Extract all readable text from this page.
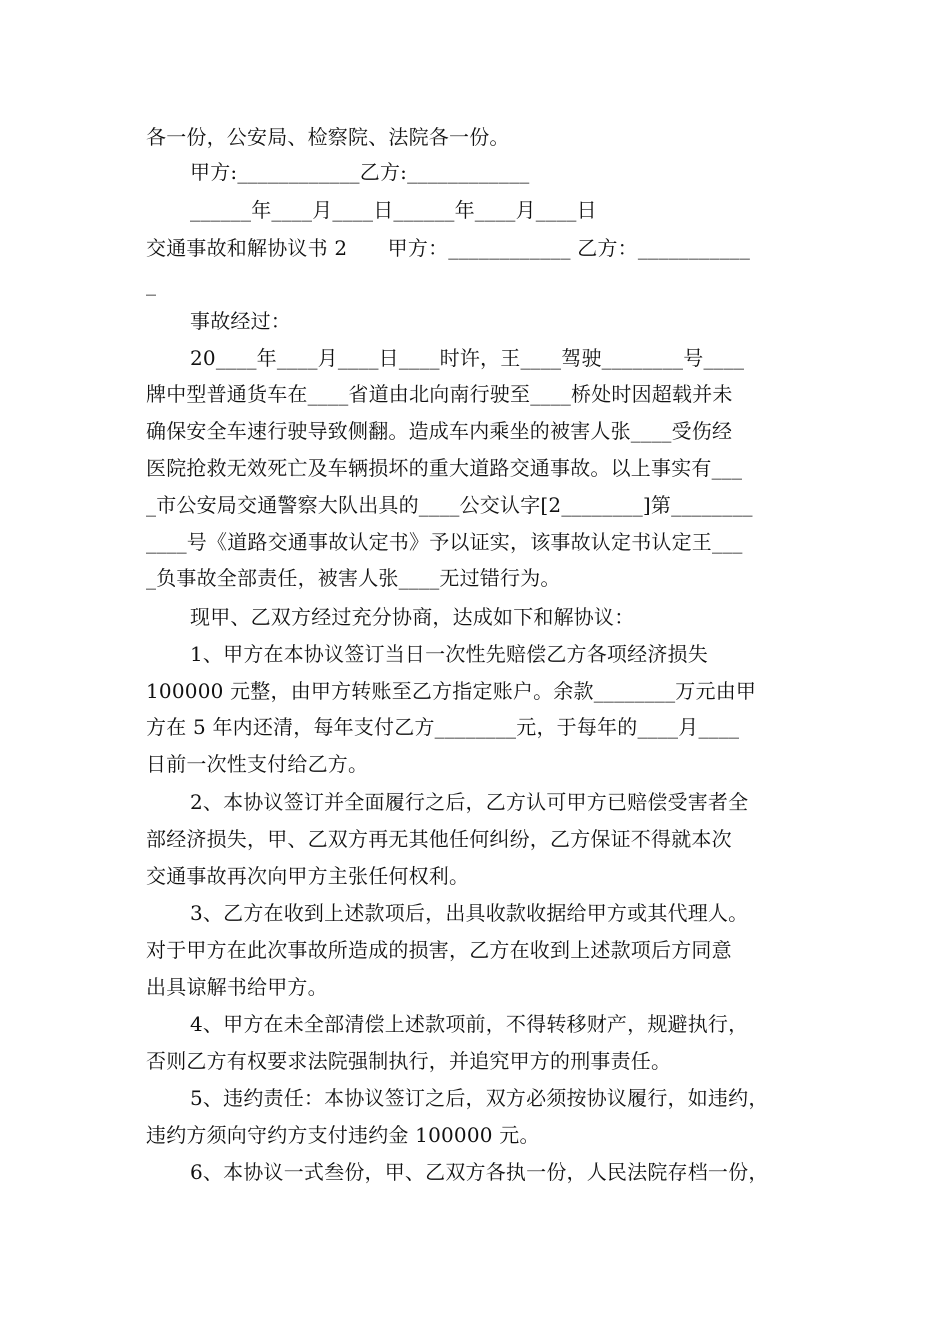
各一份，公安局、检察院、法院各一份。
甲方:____________乙方:____________
______年____月____日______年____月____日
交通事故和解协议书 2　　甲方：____________ 乙方：___________
_
事故经过：
20____年____月____日____时许，王____驾驶________号____
牌中型普通货车在____省道由北向南行驶至____桥处时因超载并未
确保安全车速行驶导致侧翻。造成车内乘坐的被害人张____受伤经
医院抢救无效死亡及车辆损坏的重大道路交通事故。以上事实有___
_市公安局交通警察大队出具的____公交认字[2________]第________
____号《道路交通事故认定书》予以证实，该事故认定书认定王___
_负事故全部责任，被害人张____无过错行为。
现甲、乙双方经过充分协商，达成如下和解协议：
1、甲方在本协议签订当日一次性先赔偿乙方各项经济损失
100000 元整，由甲方转账至乙方指定账户。余款________万元由甲
方在 5 年内还清，每年支付乙方________元，于每年的____月____
日前一次性支付给乙方。
2、本协议签订并全面履行之后，乙方认可甲方已赔偿受害者全
部经济损失，甲、乙双方再无其他任何纠纷，乙方保证不得就本次
交通事故再次向甲方主张任何权利。
3、乙方在收到上述款项后，出具收款收据给甲方或其代理人。
对于甲方在此次事故所造成的损害，乙方在收到上述款项后方同意
出具谅解书给甲方。
4、甲方在未全部清偿上述款项前，不得转移财产，规避执行，
否则乙方有权要求法院强制执行，并追究甲方的刑事责任。
5、违约责任：本协议签订之后，双方必须按协议履行，如违约，
违约方须向守约方支付违约金 100000 元。
6、本协议一式叁份，甲、乙双方各执一份，人民法院存档一份，
